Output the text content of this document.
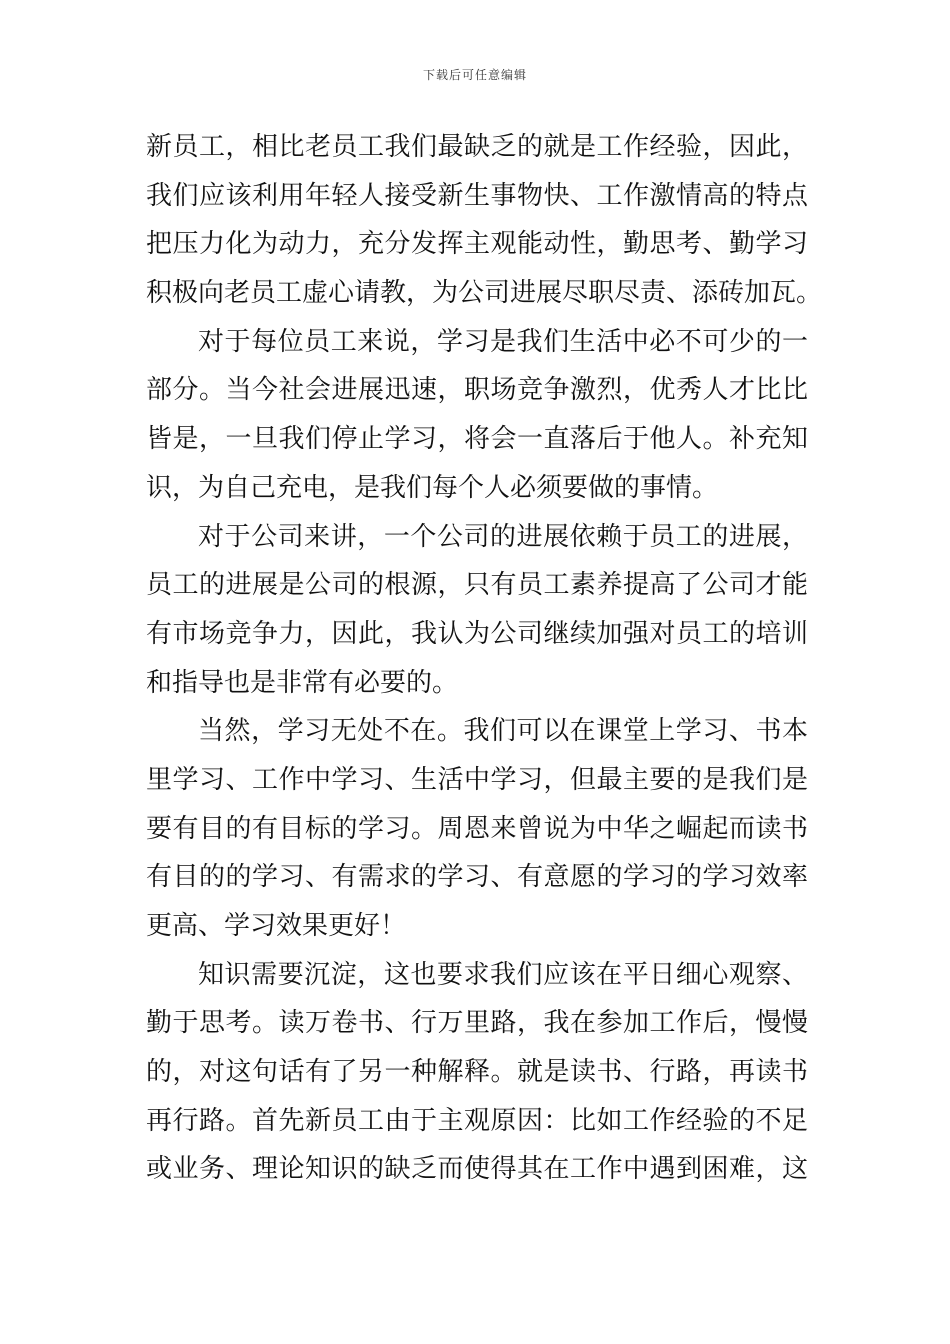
下载后可任意编辑
新员工，相比老员工我们最缺乏的就是工作经验，因此，
我们应该利用年轻人接受新生事物快、工作激情高的特点
把压力化为动力，充分发挥主观能动性，勤思考、勤学习
积极向老员工虚心请教，为公司进展尽职尽责、添砖加瓦。
对于每位员工来说，学习是我们生活中必不可少的一
部分。当今社会进展迅速，职场竞争激烈，优秀人才比比
皆是，一旦我们停止学习，将会一直落后于他人。补充知
识，为自己充电，是我们每个人必须要做的事情。
对于公司来讲，一个公司的进展依赖于员工的进展，
员工的进展是公司的根源，只有员工素养提高了公司才能
有市场竞争力，因此，我认为公司继续加强对员工的培训
和指导也是非常有必要的。
当然，学习无处不在。我们可以在课堂上学习、书本
里学习、工作中学习、生活中学习，但最主要的是我们是
要有目的有目标的学习。周恩来曾说为中华之崛起而读书
有目的的学习、有需求的学习、有意愿的学习的学习效率
更高、学习效果更好！
知识需要沉淀，这也要求我们应该在平日细心观察、
勤于思考。读万卷书、行万里路，我在参加工作后，慢慢
的，对这句话有了另一种解释。就是读书、行路，再读书
再行路。首先新员工由于主观原因：比如工作经验的不足
或业务、理论知识的缺乏而使得其在工作中遇到困难，这
